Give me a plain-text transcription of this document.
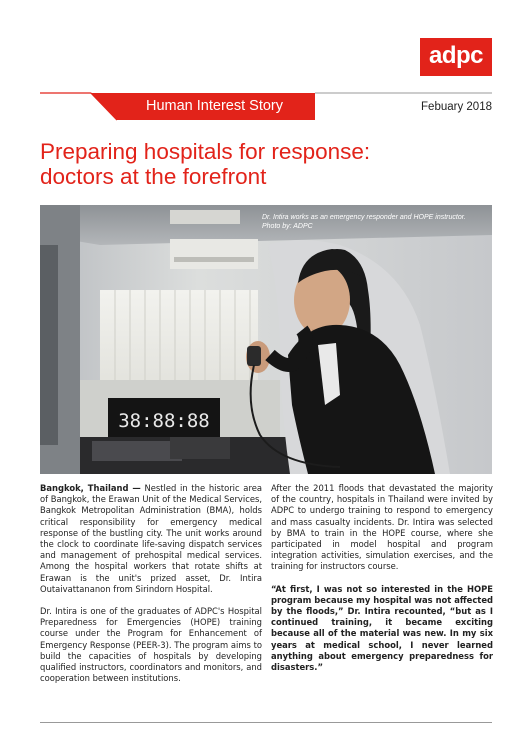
adpc
Human Interest Story	Febuary 2018
Preparing hospitals for response:
doctors at the forefront
38:88:88
Dr. Intira works as an emergency responder and HOPE instructor. Photo by: ADPC

Bangkok, Thailand — Nestled in the historic area of Bangkok, the Erawan Unit of the Medical Services, Bangkok Metropolitan Administration (BMA), holds critical responsibility for emergency medical response of the bustling city. The unit works around the clock to coordinate life-saving dispatch services and management of prehospital medical services. Among the hospital workers that rotate shifts at Erawan is the unit's prized asset, Dr. Intira Outaivattananon from Sirindorn Hospital.

Dr. Intira is one of the graduates of ADPC's Hospital Preparedness for Emergencies (HOPE) training course under the Program for Enhancement of Emergency Response (PEER-3). The program aims to build the capacities of hospitals by developing qualified instructors, coordinators and monitors, and cooperation between institutions.

After the 2011 floods that devastated the majority of the country, hospitals in Thailand were invited by ADPC to undergo training to respond to emergency and mass casualty incidents. Dr. Intira was selected by BMA to train in the HOPE course, where she participated in model hospital and program integration activities, simulation exercises, and the training for instructors course.

“At first, I was not so interested in the HOPE program because my hospital was not affected by the floods,” Dr. Intira recounted, “but as I continued training, it became exciting because all of the material was new. In my six years at medical school, I never learned anything about emergency preparedness for disasters.”
